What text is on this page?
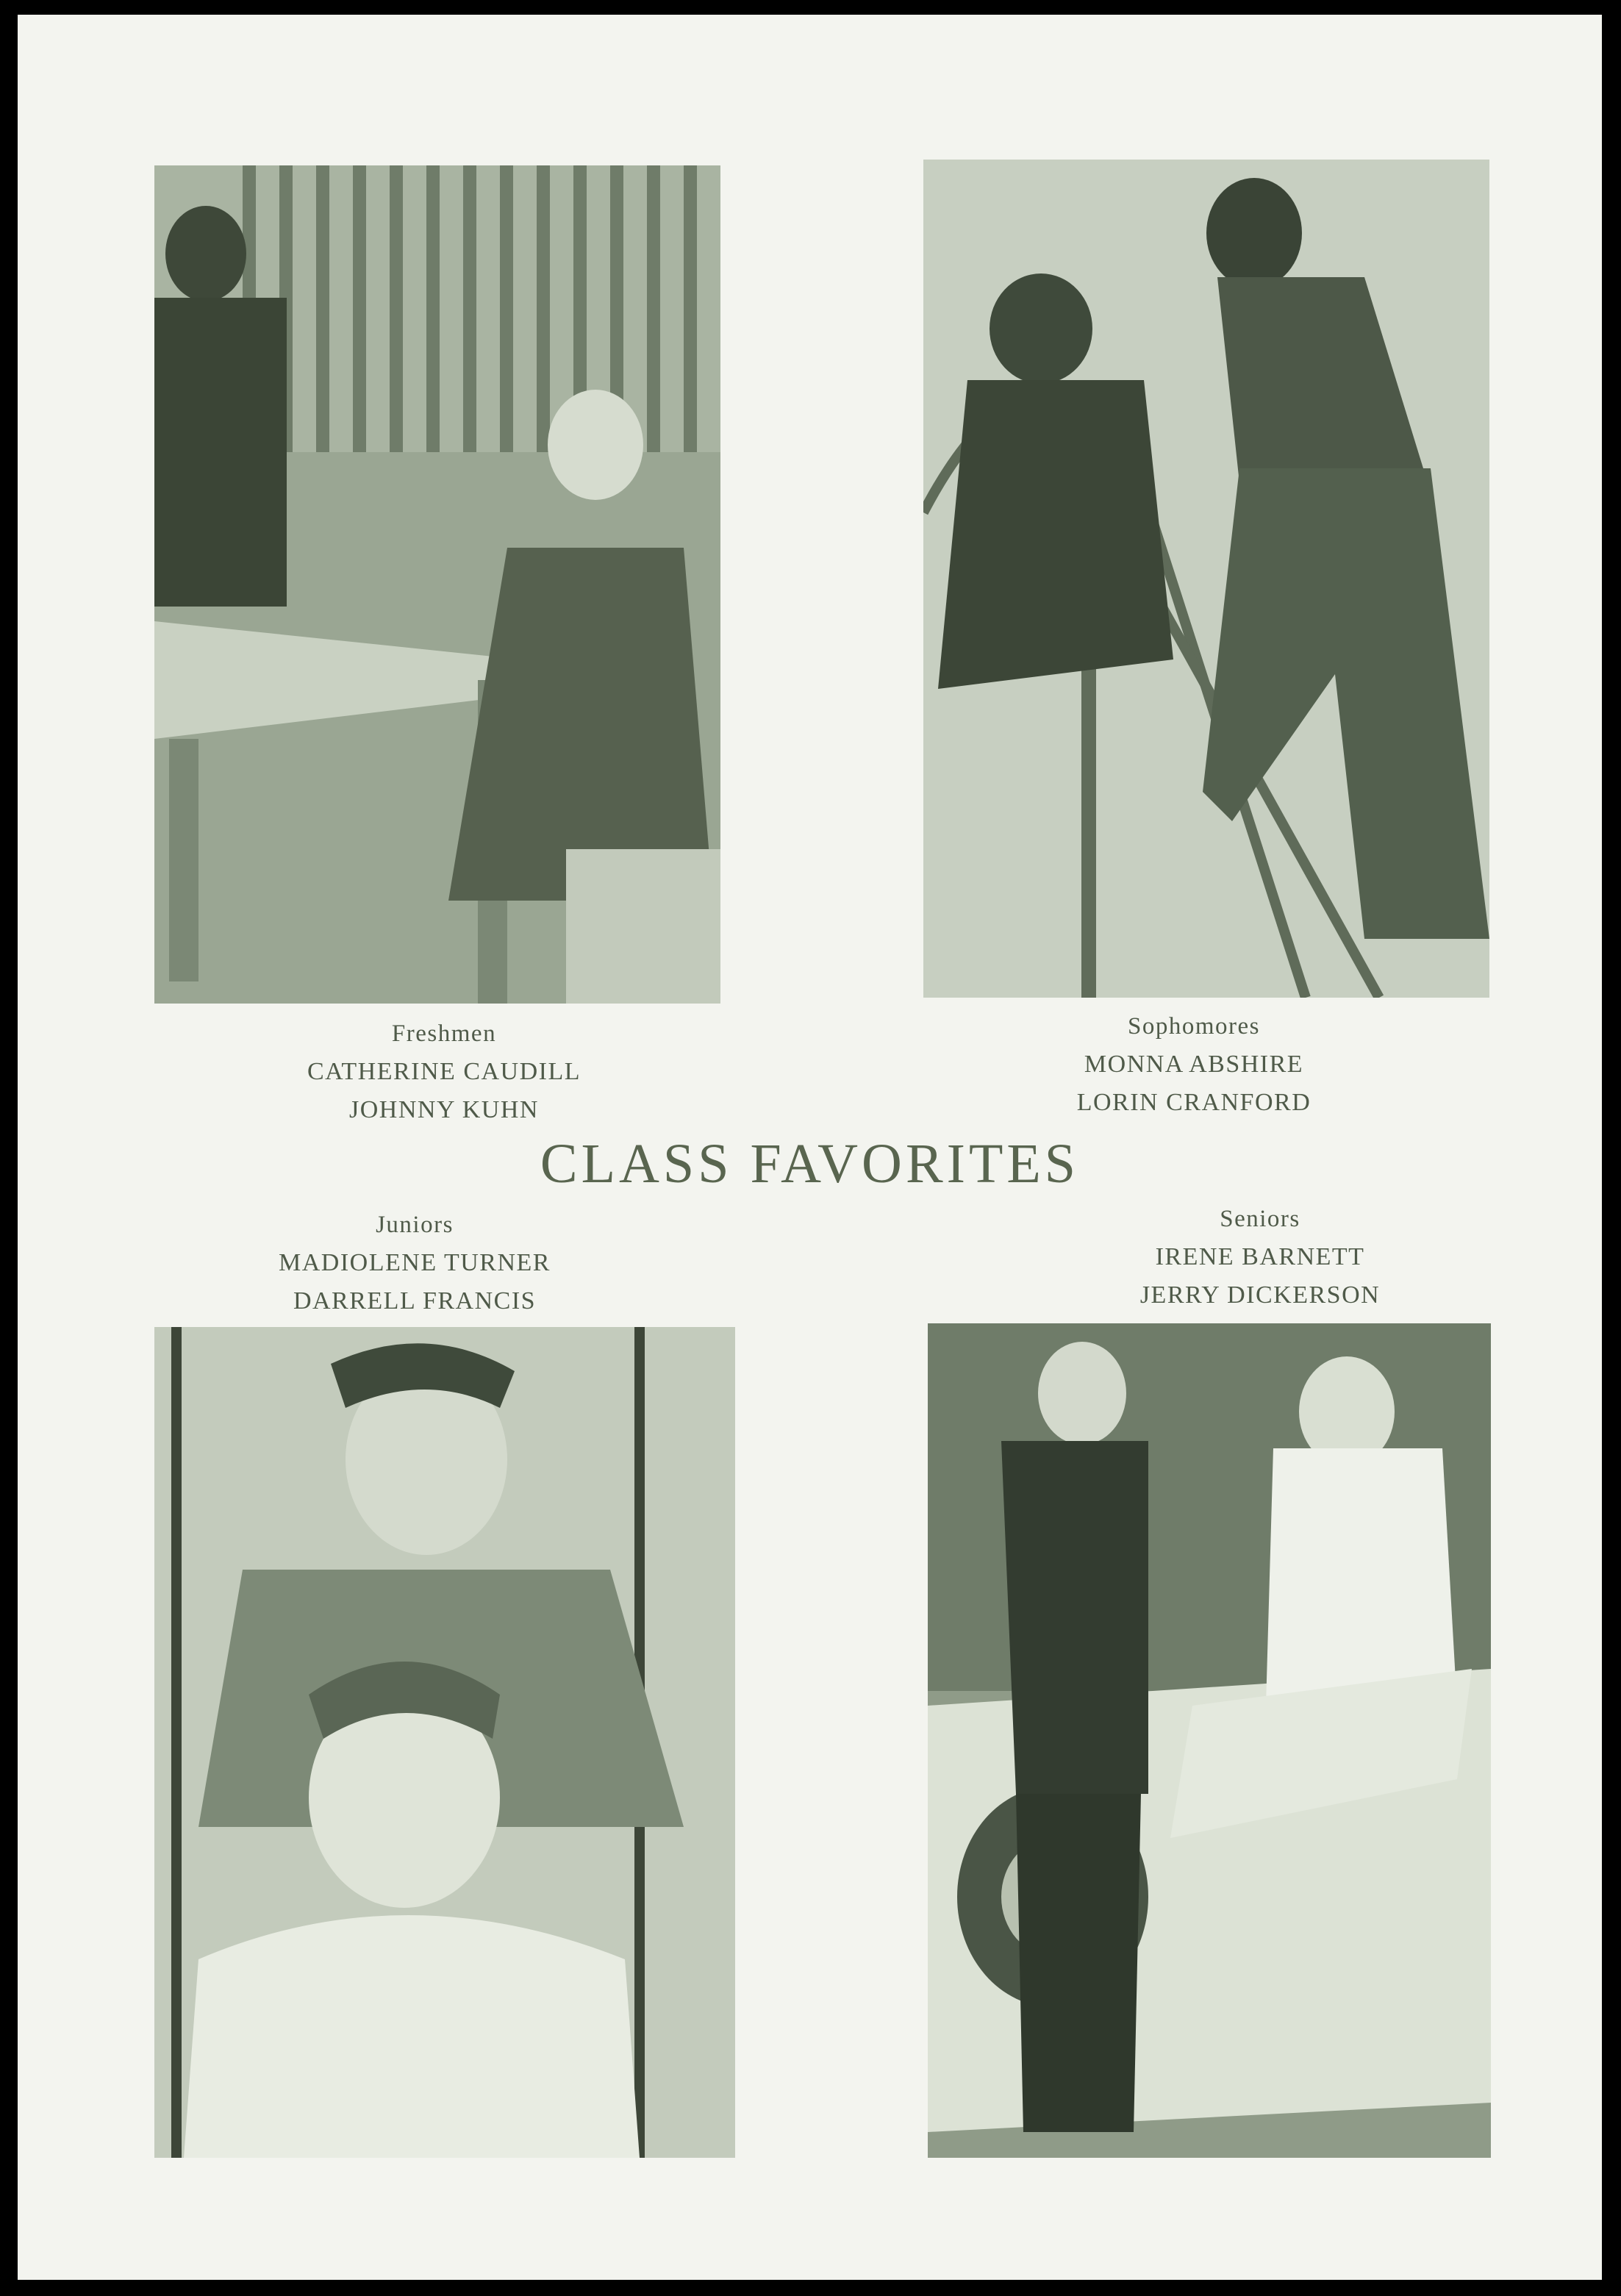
Freshmen
CATHERINE CAUDILL
JOHNNY KUHN
Sophomores
MONNA ABSHIRE
LORIN CRANFORD
CLASS FAVORITES
Juniors
MADIOLENE TURNER
DARRELL FRANCIS
Seniors
IRENE BARNETT
JERRY DICKERSON
